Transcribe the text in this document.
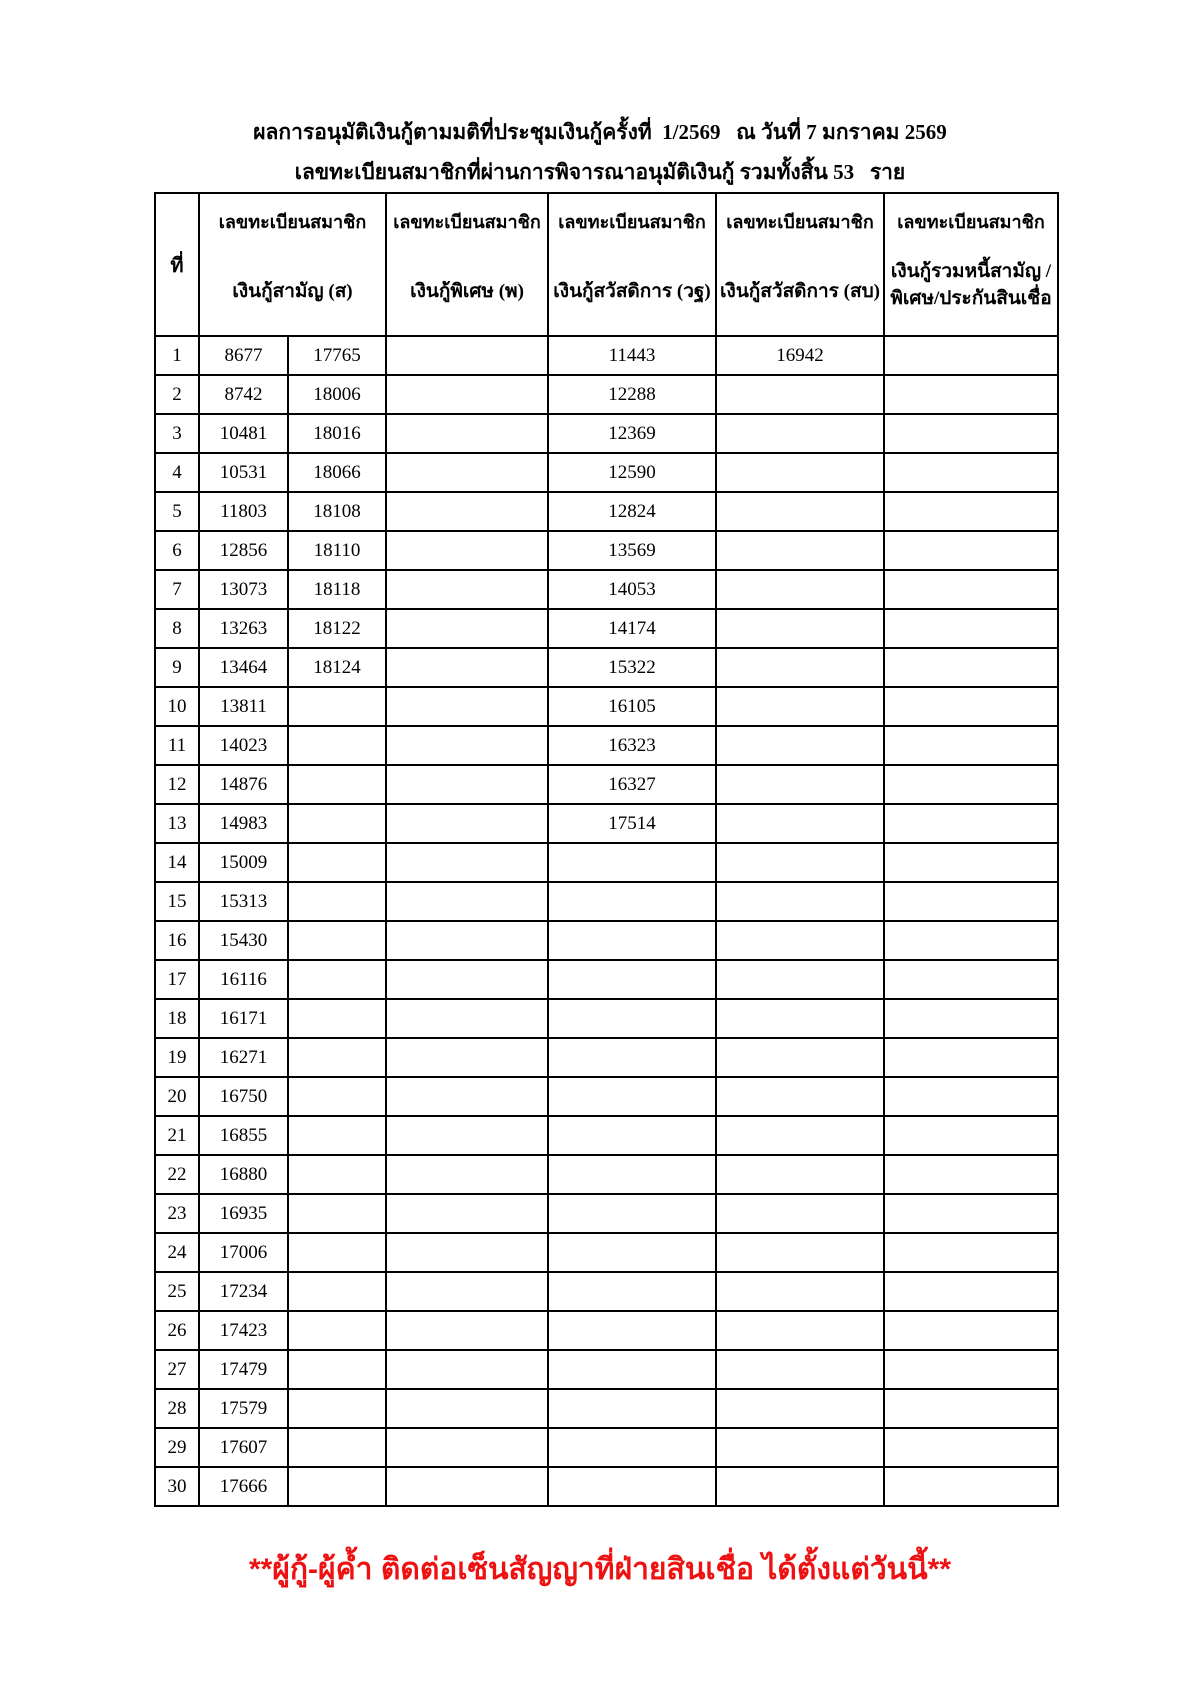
ผลการอนุมัติเงินกู้ตามมติที่ประชุมเงินกู้ครั้งที่  1/2569   ณ วันที่ 7 มกราคม 2569
เลขทะเบียนสมาชิกที่ผ่านการพิจารณาอนุมัติเงินกู้ รวมทั้งสิ้น 53   ราย
ที่	
เลขทะเบียนสมาชิก
เงินกู้สามัญ (ส)

เลขทะเบียนสมาชิก
เงินกู้พิเศษ (พ)

เลขทะเบียนสมาชิก
เงินกู้สวัสดิการ (วฐ)

เลขทะเบียนสมาชิก
เงินกู้สวัสดิการ (สบ)

เลขทะเบียนสมาชิก
เงินกู้รวมหนี้สามัญ /
พิเศษ/ประกันสินเชื่อ

1	8677	17765		11443	16942	
2	8742	18006		12288		
3	10481	18016		12369		
4	10531	18066		12590		
5	11803	18108		12824		
6	12856	18110		13569		
7	13073	18118		14053		
8	13263	18122		14174		
9	13464	18124		15322		
10	13811			16105		
11	14023			16323		
12	14876			16327		
13	14983			17514		
14	15009					
15	15313					
16	15430					
17	16116					
18	16171					
19	16271					
20	16750					
21	16855					
22	16880					
23	16935					
24	17006					
25	17234					
26	17423					
27	17479					
28	17579					
29	17607					
30	17666					
**ผู้กู้-ผู้ค้ำ ติดต่อเซ็นสัญญาที่ฝ่ายสินเชื่อ ได้ตั้งแต่วันนี้**
